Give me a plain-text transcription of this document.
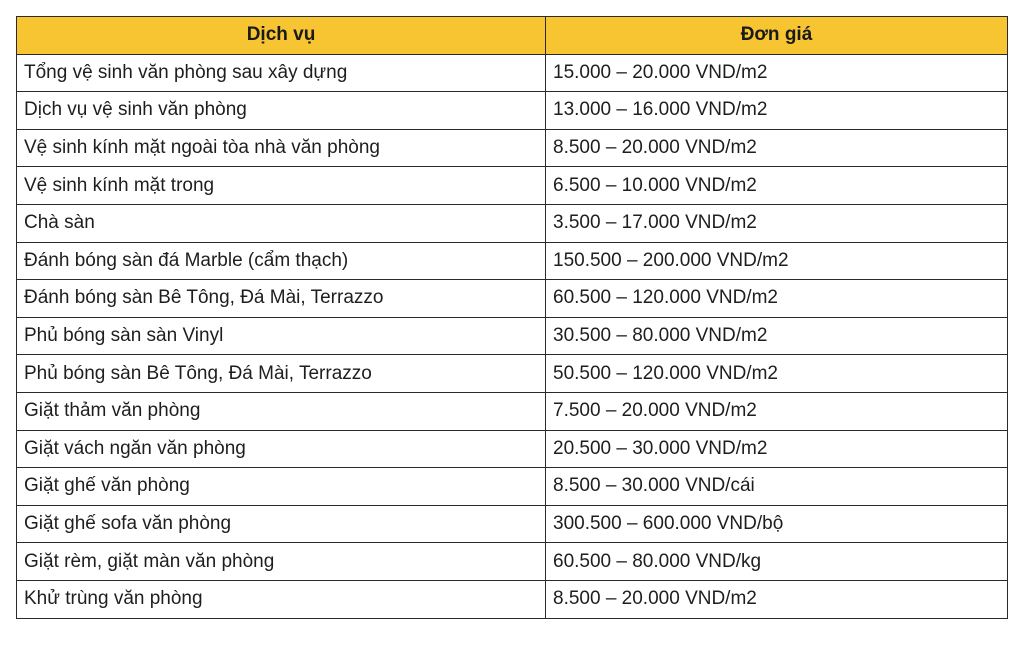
Dịch vụ	Đơn giá
Tổng vệ sinh văn phòng sau xây dựng	15.000 – 20.000 VND/m2
Dịch vụ vệ sinh văn phòng	13.000 – 16.000 VND/m2
Vệ sinh kính mặt ngoài tòa nhà văn phòng	8.500 – 20.000 VND/m2
Vệ sinh kính mặt trong	6.500 – 10.000 VND/m2
Chà sàn	3.500 – 17.000 VND/m2
Đánh bóng sàn đá Marble (cẩm thạch)	150.500 – 200.000 VND/m2
Đánh bóng sàn Bê Tông, Đá Mài, Terrazzo	60.500 – 120.000 VND/m2
Phủ bóng sàn sàn Vinyl	30.500 – 80.000 VND/m2
Phủ bóng sàn Bê Tông, Đá Mài, Terrazzo	50.500 – 120.000 VND/m2
Giặt thảm văn phòng	7.500 – 20.000 VND/m2
Giặt vách ngăn văn phòng	20.500 – 30.000 VND/m2
Giặt ghế văn phòng	8.500 – 30.000 VND/cái
Giặt ghế sofa văn phòng	300.500 – 600.000 VND/bộ
Giặt rèm, giặt màn văn phòng	60.500 – 80.000 VND/kg
Khử trùng văn phòng	8.500 – 20.000 VND/m2
